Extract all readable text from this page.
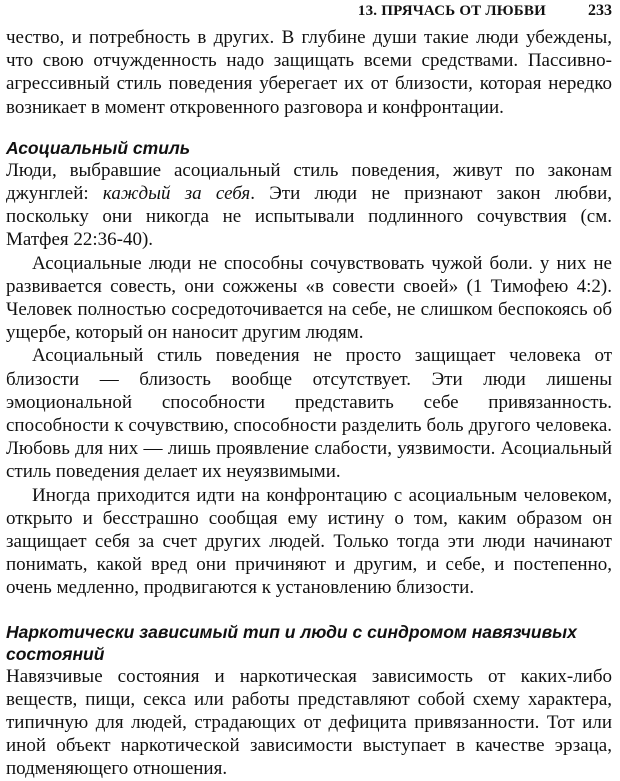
13. ПРЯЧАСЬ ОТ ЛЮБВИ	233

чество, и потребность в других. В глубине души такие люди убеждены, что свою отчужденность надо защищать всеми средствами. Пассивно-агрессивный стиль поведения уберегает их от близости, которая нередко возникает в момент откровенного разговора и конфронтации.

Асоциальный стиль

Люди, выбравшие асоциальный стиль поведения, живут по законам джунглей: каждый за себя. Эти люди не признают закон любви, поскольку они никогда не испытывали подлинного сочувствия (см. Матфея 22:36-40).

Асоциальные люди не способны сочувствовать чужой боли. у них не развивается совесть, они сожжены «в совести своей» (1 Тимофею 4:2). Человек полностью сосредоточивается на себе, не слишком беспокоясь об ущербе, который он наносит другим людям.

Асоциальный стиль поведения не просто защищает человека от близости — близость вообще отсутствует. Эти люди лишены эмоциональной способности представить себе привязанность. способности к сочувствию, способности разделить боль другого человека. Любовь для них — лишь проявление слабости, уязвимости. Асоциальный стиль поведения делает их неуязвимыми.

Иногда приходится идти на конфронтацию с асоциальным человеком, открыто и бесстрашно сообщая ему истину о том, каким образом он защищает себя за счет других людей. Только тогда эти люди начинают понимать, какой вред они причиняют и другим, и себе, и постепенно, очень медленно, продвигаются к установлению близости.

Наркотически зависимый тип и люди с синдромом навязчивых состояний

Навязчивые состояния и наркотическая зависимость от каких-либо веществ, пищи, секса или работы представляют собой схему характера, типичную для людей, страдающих от дефицита привязанности. Тот или иной объект наркотической зависимости выступает в качестве эрзаца, подменяющего отношения.
